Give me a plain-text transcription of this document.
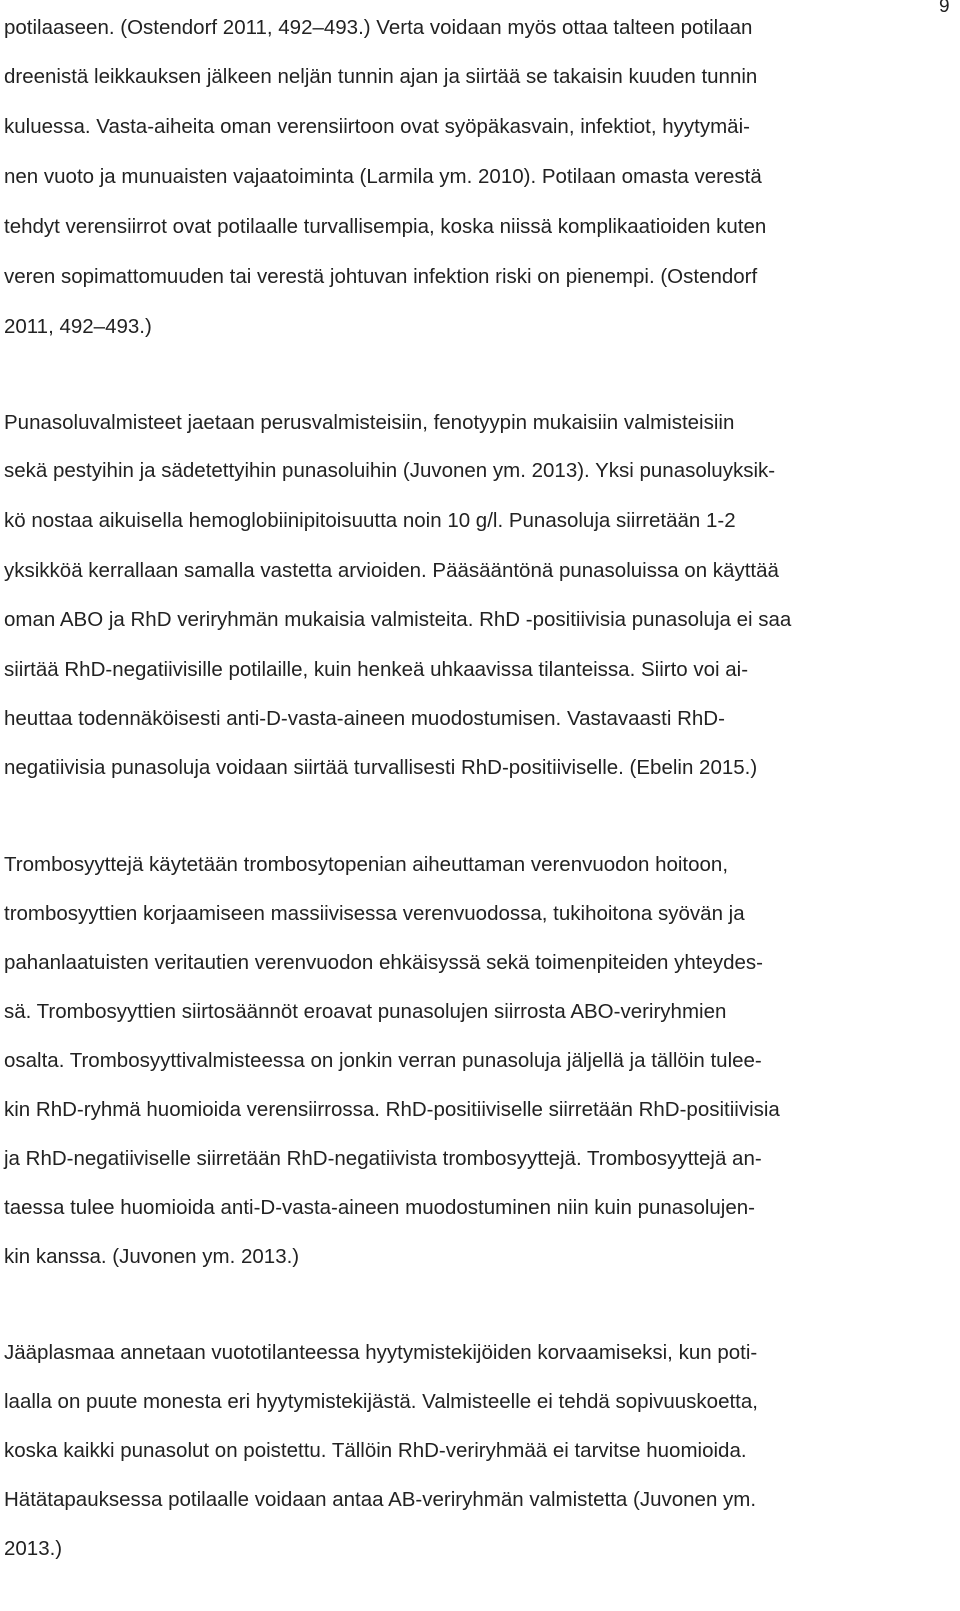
9
potilaaseen. (Ostendorf 2011, 492–493.) Verta voidaan myös ottaa talteen potilaan
dreenistä leikkauksen jälkeen neljän tunnin ajan ja siirtää se takaisin kuuden tunnin
kuluessa. Vasta-aiheita oman verensiirtoon ovat syöpäkasvain, infektiot, hyytymäi-
nen vuoto ja munuaisten vajaatoiminta (Larmila ym. 2010). Potilaan omasta verestä
tehdyt verensiirrot ovat potilaalle turvallisempia, koska niissä komplikaatioiden kuten
veren sopimattomuuden tai verestä johtuvan infektion riski on pienempi. (Ostendorf
2011, 492–493.)
Punasoluvalmisteet jaetaan perusvalmisteisiin, fenotyypin mukaisiin valmisteisiin
sekä pestyihin ja sädetettyihin punasoluihin (Juvonen ym. 2013). Yksi punasoluyksik-
kö nostaa aikuisella hemoglobiinipitoisuutta noin 10 g/l. Punasoluja siirretään 1-2
yksikköä kerrallaan samalla vastetta arvioiden. Pääsääntönä punasoluissa on käyttää
oman ABO ja RhD veriryhmän mukaisia valmisteita. RhD -positiivisia punasoluja ei saa
siirtää RhD-negatiivisille potilaille, kuin henkeä uhkaavissa tilanteissa. Siirto voi ai-
heuttaa todennäköisesti anti-D-vasta-aineen muodostumisen. Vastavaasti RhD-
negatiivisia punasoluja voidaan siirtää turvallisesti RhD-positiiviselle. (Ebelin 2015.)
Trombosyyttejä käytetään trombosytopenian aiheuttaman verenvuodon hoitoon,
trombosyyttien korjaamiseen massiivisessa verenvuodossa, tukihoitona syövän ja
pahanlaatuisten veritautien verenvuodon ehkäisyssä sekä toimenpiteiden yhteydes-
sä. Trombosyyttien siirtosäännöt eroavat punasolujen siirrosta ABO-veriryhmien
osalta. Trombosyyttivalmisteessa on jonkin verran punasoluja jäljellä ja tällöin tulee-
kin RhD-ryhmä huomioida verensiirrossa. RhD-positiiviselle siirretään RhD-positiivisia
ja RhD-negatiiviselle siirretään RhD-negatiivista trombosyyttejä. Trombosyyttejä an-
taessa tulee huomioida anti-D-vasta-aineen muodostuminen niin kuin punasolujen-
kin kanssa. (Juvonen ym. 2013.)
Jääplasmaa annetaan vuototilanteessa hyytymistekijöiden korvaamiseksi, kun poti-
laalla on puute monesta eri hyytymistekijästä. Valmisteelle ei tehdä sopivuuskoetta,
koska kaikki punasolut on poistettu. Tällöin RhD-veriryhmää ei tarvitse huomioida.
Hätätapauksessa potilaalle voidaan antaa AB-veriryhmän valmistetta (Juvonen ym.
2013.)
